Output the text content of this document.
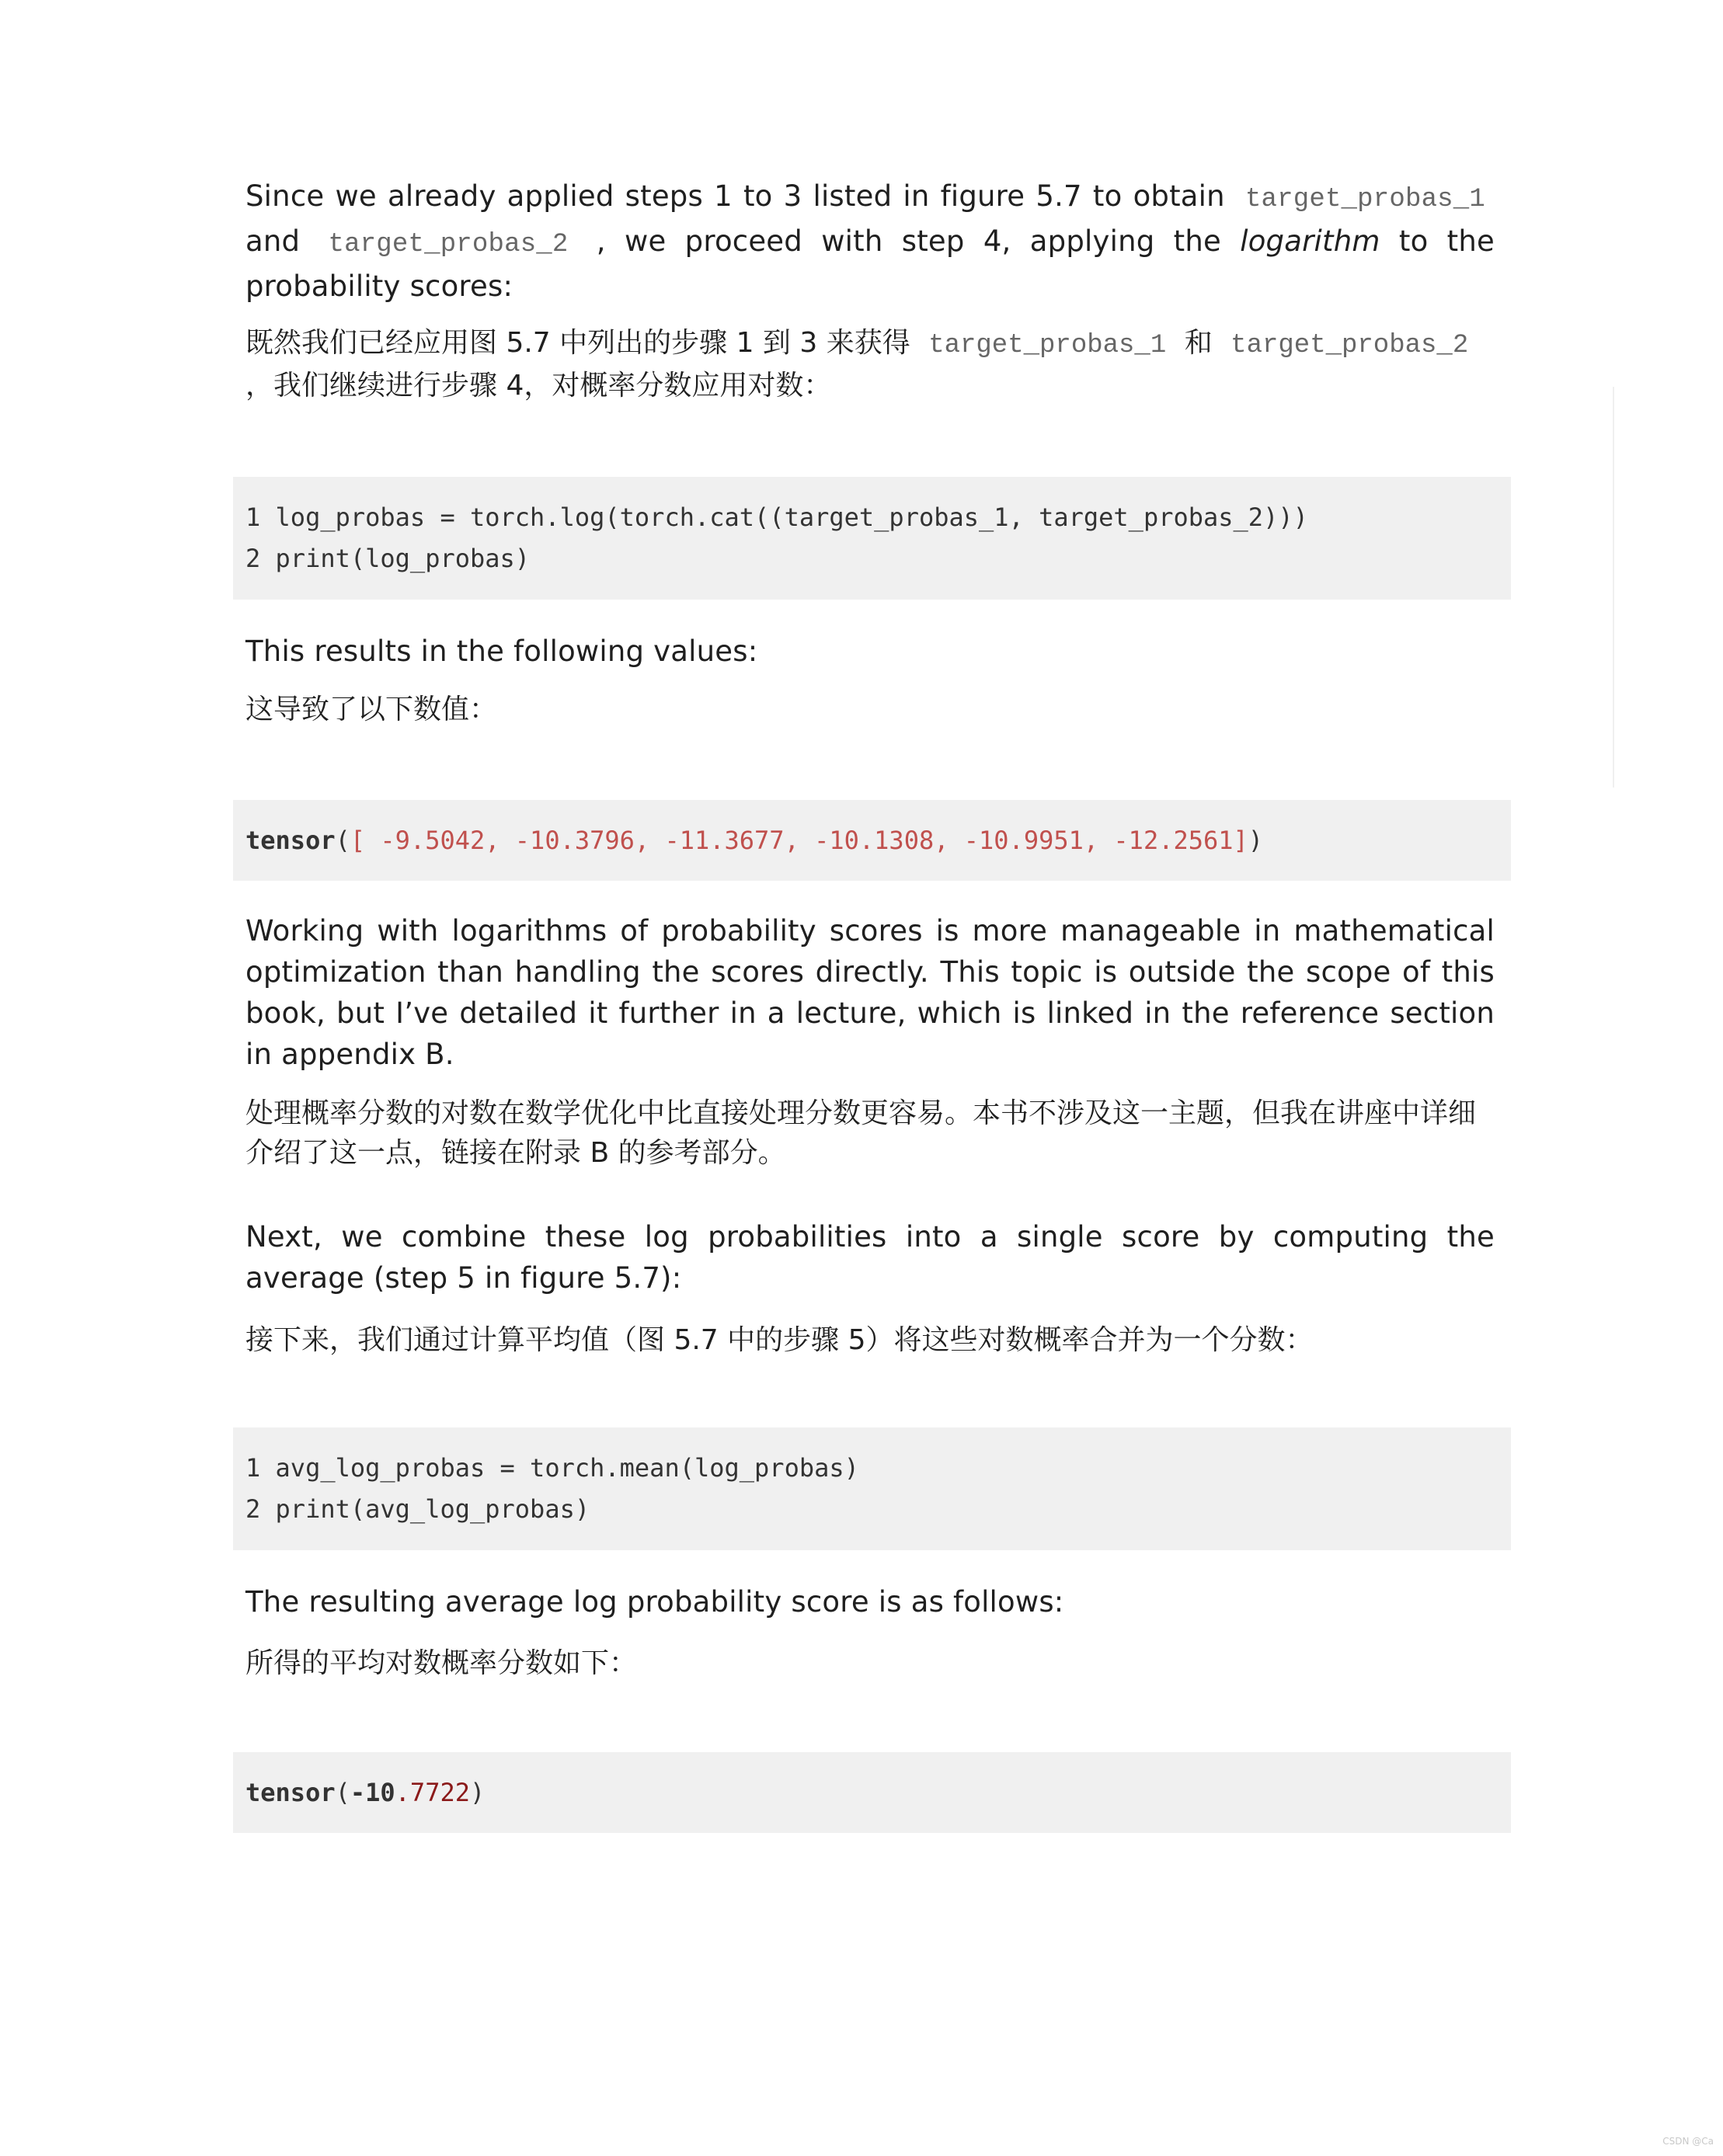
Since we already applied steps 1 to 3 listed in figure 5.7 to obtain target_probas_1 and target_probas_2 , we proceed with step 4, applying the logarithm to the probability scores:

既然我们已经应用图 5.7 中列出的步骤 1 到 3 来获得 target_probas_1 和 target_probas_2 ，我们继续进行步骤 4，对概率分数应用对数：

1 log_probas = torch.log(torch.cat((target_probas_1, target_probas_2)))
2 print(log_probas)

This results in the following values:

这导致了以下数值：

tensor([ -9.5042, -10.3796, -11.3677, -10.1308, -10.9951, -12.2561])

Working with logarithms of probability scores is more manageable in mathematical optimization than handling the scores directly. This topic is outside the scope of this book, but I’ve detailed it further in a lecture, which is linked in the reference section in appendix B.

处理概率分数的对数在数学优化中比直接处理分数更容易。本书不涉及这一主题，但我在讲座中详细介绍了这一点，链接在附录 B 的参考部分。

Next, we combine these log probabilities into a single score by computing the average (step 5 in figure 5.7):

接下来，我们通过计算平均值（图 5.7 中的步骤 5）将这些对数概率合并为一个分数：

1 avg_log_probas = torch.mean(log_probas)
2 print(avg_log_probas)

The resulting average log probability score is as follows:

所得的平均对数概率分数如下：

tensor(-10.7722)
CSDN @Ca
